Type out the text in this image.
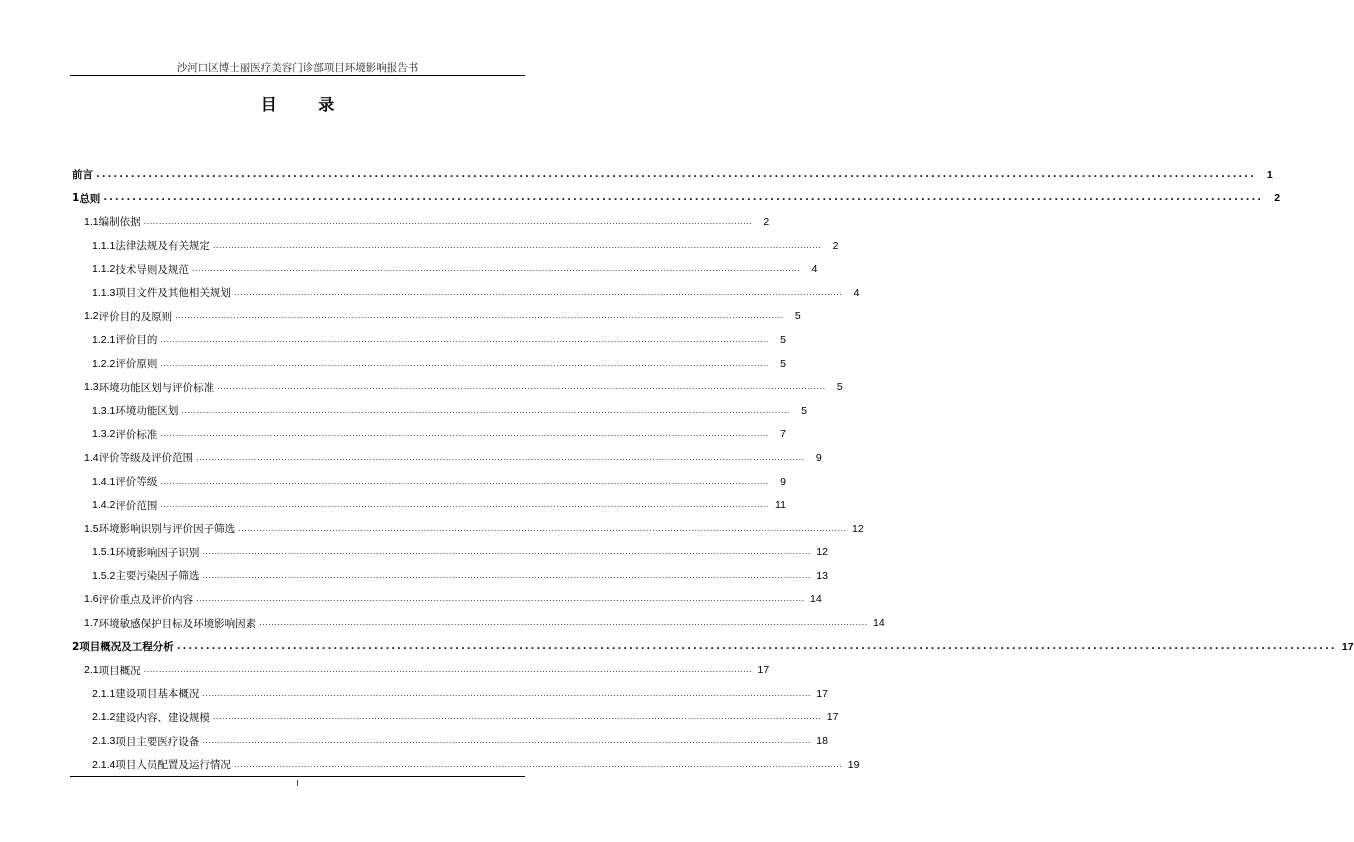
沙河口区博士丽医疗美容门诊部项目环境影响报告书
目 录
前言 ........................................................................................................................................................................................................	1
1 总则 ........................................................................................................................................................................................................	2
1.1 编制依据 ........................................................................................................................................................................................................	2
1.1.1 法律法规及有关规定 ........................................................................................................................................................................................................	2
1.1.2 技术导则及规范 ........................................................................................................................................................................................................	4
1.1.3 项目文件及其他相关规划 ........................................................................................................................................................................................................	4
1.2 评价目的及原则 ........................................................................................................................................................................................................	5
1.2.1 评价目的 ........................................................................................................................................................................................................	5
1.2.2 评价原则 ........................................................................................................................................................................................................	5
1.3 环境功能区划与评价标准 ........................................................................................................................................................................................................	5
1.3.1 环境功能区划 ........................................................................................................................................................................................................	5
1.3.2 评价标准 ........................................................................................................................................................................................................	7
1.4 评价等级及评价范围 ........................................................................................................................................................................................................	9
1.4.1 评价等级 ........................................................................................................................................................................................................	9
1.4.2 评价范围 ........................................................................................................................................................................................................ 11
1.5 环境影响识别与评价因子筛选 ........................................................................................................................................................................................................ 12
1.5.1 环境影响因子识别 ........................................................................................................................................................................................................ 12
1.5.2 主要污染因子筛选 ........................................................................................................................................................................................................ 13
1.6 评价重点及评价内容 ........................................................................................................................................................................................................ 14
1.7 环境敏感保护目标及环境影响因素 ........................................................................................................................................................................................................ 14
2 项目概况及工程分析 ........................................................................................................................................................................................................ 17
2.1 项目概况 ........................................................................................................................................................................................................ 17
2.1.1 建设项目基本概况 ........................................................................................................................................................................................................ 17
2.1.2 建设内容、建设规模 ........................................................................................................................................................................................................ 17
2.1.3 项目主要医疗设备 ........................................................................................................................................................................................................ 18
2.1.4 项目人员配置及运行情况 ........................................................................................................................................................................................................ 19
I
